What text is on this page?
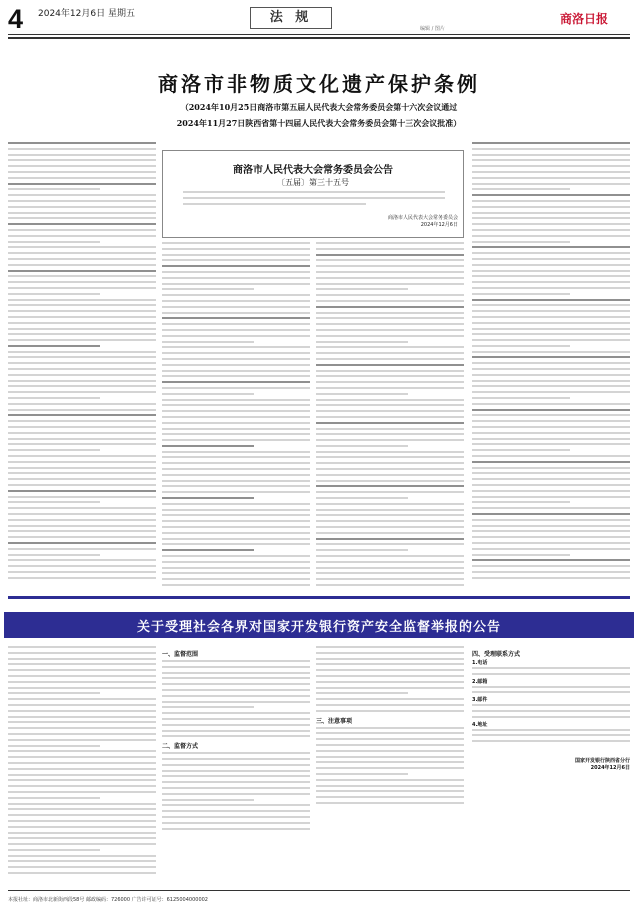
4 2024年12月6日 星期五	法 规
编辑 / 图片
商洛日报
商洛市非物质文化遗产保护条例
（2024年10月25日商洛市第五届人民代表大会常务委员会第十六次会议通过
2024年11月27日陕西省第十四届人民代表大会常务委员会第十三次会议批准）
商洛市人民代表大会常务委员会公告
〔五届〕第三十五号
商洛市人民代表大会常务委员会
2024年12月6日
关于受理社会各界对国家开发银行资产安全监督举报的公告
一、监督范围
二、监督方式
三、注意事项
四、受理联系方式
1.电话
2.邮箱
3.邮件
4.地址
国家开发银行陕西省分行
2024年12月6日
本报社址：商洛市北新街西段58号 邮政编码：726000 广告许可证号：6125004000002
